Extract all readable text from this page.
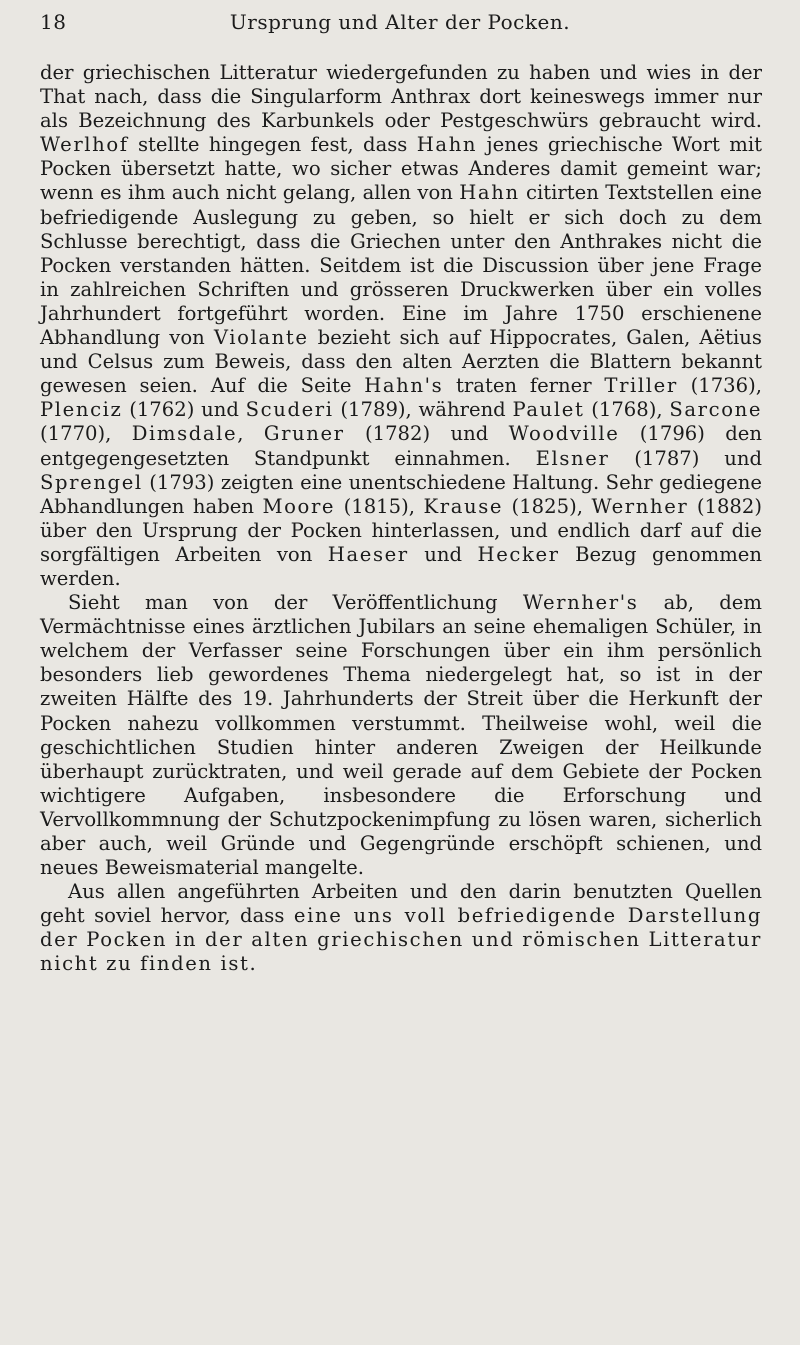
18	Ursprung und Alter der Pocken.

der griechischen Litteratur wiedergefunden zu haben und wies in der That nach, dass die Singularform Anthrax dort keineswegs immer nur als Bezeichnung des Karbunkels oder Pestgeschwürs gebraucht wird. Werlhof stellte hingegen fest, dass Hahn jenes griechische Wort mit Pocken übersetzt hatte, wo sicher etwas Anderes damit gemeint war; wenn es ihm auch nicht gelang, allen von Hahn citirten Textstellen eine befriedigende Auslegung zu geben, so hielt er sich doch zu dem Schlusse berechtigt, dass die Griechen unter den Anthrakes nicht die Pocken verstanden hätten. Seitdem ist die Discussion über jene Frage in zahlreichen Schriften und grösseren Druckwerken über ein volles Jahrhundert fortgeführt worden. Eine im Jahre 1750 erschienene Abhandlung von Violante bezieht sich auf Hippocrates, Galen, Aëtius und Celsus zum Beweis, dass den alten Aerzten die Blattern bekannt gewesen seien. Auf die Seite Hahn's traten ferner Triller (1736), Plenciz (1762) und Scuderi (1789), während Paulet (1768), Sarcone (1770), Dimsdale, Gruner (1782) und Woodville (1796) den entgegengesetzten Standpunkt einnahmen. Elsner (1787) und Sprengel (1793) zeigten eine unentschiedene Haltung. Sehr gediegene Abhandlungen haben Moore (1815), Krause (1825), Wernher (1882) über den Ursprung der Pocken hinterlassen, und endlich darf auf die sorgfältigen Arbeiten von Haeser und Hecker Bezug genommen werden.

Sieht man von der Veröffentlichung Wernher's ab, dem Vermächtnisse eines ärztlichen Jubilars an seine ehemaligen Schüler, in welchem der Verfasser seine Forschungen über ein ihm persönlich besonders lieb gewordenes Thema niedergelegt hat, so ist in der zweiten Hälfte des 19. Jahrhunderts der Streit über die Herkunft der Pocken nahezu vollkommen verstummt. Theilweise wohl, weil die geschichtlichen Studien hinter anderen Zweigen der Heilkunde überhaupt zurücktraten, und weil gerade auf dem Gebiete der Pocken wichtigere Aufgaben, insbesondere die Erforschung und Vervollkommnung der Schutzpockenimpfung zu lösen waren, sicherlich aber auch, weil Gründe und Gegengründe erschöpft schienen, und neues Beweismaterial mangelte.

Aus allen angeführten Arbeiten und den darin benutzten Quellen geht soviel hervor, dass eine uns voll befriedigende Darstellung der Pocken in der alten griechischen und römischen Litteratur nicht zu finden ist.
